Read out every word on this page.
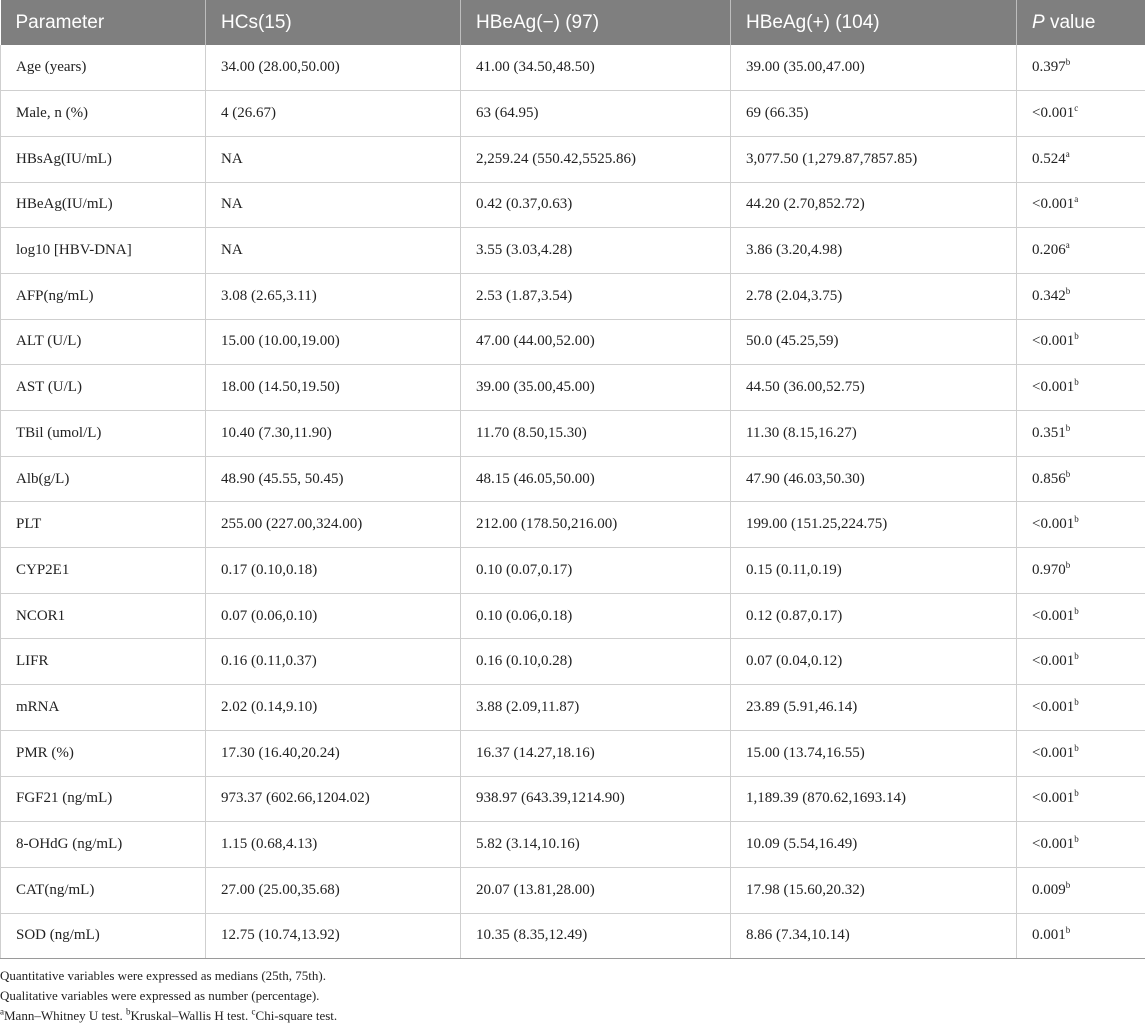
Parameter	HCs(15)	HBeAg(−) (97)	HBeAg(+) (104)	P value
Age (years)	34.00 (28.00,50.00)	41.00 (34.50,48.50)	39.00 (35.00,47.00)	0.397$^b$
Male, n (%)	4 (26.67)	63 (64.95)	69 (66.35)	<0.001$^c$
HBsAg(IU/mL)	NA	2,259.24 (550.42,5525.86)	3,077.50 (1,279.87,7857.85)	0.524$^a$
HBeAg(IU/mL)	NA	0.42 (0.37,0.63)	44.20 (2.70,852.72)	<0.001$^a$
log10 [HBV-DNA]	NA	3.55 (3.03,4.28)	3.86 (3.20,4.98)	0.206$^a$
AFP(ng/mL)	3.08 (2.65,3.11)	2.53 (1.87,3.54)	2.78 (2.04,3.75)	0.342$^b$
ALT (U/L)	15.00 (10.00,19.00)	47.00 (44.00,52.00)	50.0 (45.25,59)	<0.001$^b$
AST (U/L)	18.00 (14.50,19.50)	39.00 (35.00,45.00)	44.50 (36.00,52.75)	<0.001$^b$
TBil (umol/L)	10.40 (7.30,11.90)	11.70 (8.50,15.30)	11.30 (8.15,16.27)	0.351$^b$
Alb(g/L)	48.90 (45.55, 50.45)	48.15 (46.05,50.00)	47.90 (46.03,50.30)	0.856$^b$
PLT	255.00 (227.00,324.00)	212.00 (178.50,216.00)	199.00 (151.25,224.75)	<0.001$^b$
CYP2E1	0.17 (0.10,0.18)	0.10 (0.07,0.17)	0.15 (0.11,0.19)	0.970$^b$
NCOR1	0.07 (0.06,0.10)	0.10 (0.06,0.18)	0.12 (0.87,0.17)	<0.001$^b$
LIFR	0.16 (0.11,0.37)	0.16 (0.10,0.28)	0.07 (0.04,0.12)	<0.001$^b$
mRNA	2.02 (0.14,9.10)	3.88 (2.09,11.87)	23.89 (5.91,46.14)	<0.001$^b$
PMR (%)	17.30 (16.40,20.24)	16.37 (14.27,18.16)	15.00 (13.74,16.55)	<0.001$^b$
FGF21 (ng/mL)	973.37 (602.66,1204.02)	938.97 (643.39,1214.90)	1,189.39 (870.62,1693.14)	<0.001$^b$
8-OHdG (ng/mL)	1.15 (0.68,4.13)	5.82 (3.14,10.16)	10.09 (5.54,16.49)	<0.001$^b$
CAT(ng/mL)	27.00 (25.00,35.68)	20.07 (13.81,28.00)	17.98 (15.60,20.32)	0.009$^b$
SOD (ng/mL)	12.75 (10.74,13.92)	10.35 (8.35,12.49)	8.86 (7.34,10.14)	0.001$^b$
Quantitative variables were expressed as medians (25th, 75th).
Qualitative variables were expressed as number (percentage).
$^a$Mann–Whitney U test. $^b$Kruskal–Wallis H test. $^c$Chi-square test.
